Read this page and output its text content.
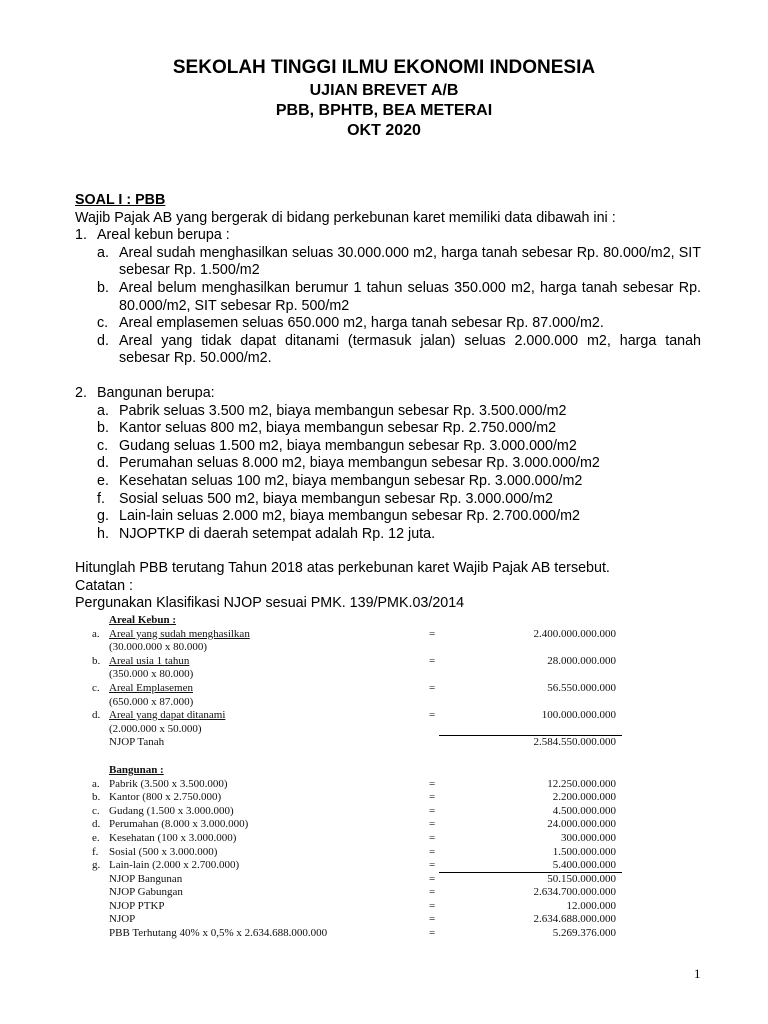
SEKOLAH TINGGI ILMU EKONOMI INDONESIA
UJIAN BREVET A/B
PBB, BPHTB, BEA METERAI
OKT 2020
SOAL I : PBB
Wajib Pajak AB yang bergerak di bidang perkebunan karet memiliki data dibawah ini :
1. Areal kebun berupa :
a. Areal sudah menghasilkan seluas 30.000.000 m2, harga tanah sebesar Rp. 80.000/m2, SIT sebesar Rp. 1.500/m2
b. Areal belum menghasilkan berumur 1 tahun seluas 350.000 m2, harga tanah sebesar Rp. 80.000/m2, SIT sebesar Rp. 500/m2
c. Areal emplasemen seluas 650.000 m2, harga tanah sebesar Rp. 87.000/m2.
d. Areal yang tidak dapat ditanami (termasuk jalan) seluas 2.000.000 m2, harga tanah sebesar Rp. 50.000/m2.
2. Bangunan berupa:
a. Pabrik seluas 3.500 m2, biaya membangun sebesar Rp. 3.500.000/m2
b. Kantor seluas 800 m2, biaya membangun sebesar Rp. 2.750.000/m2
c. Gudang seluas 1.500 m2, biaya membangun sebesar Rp. 3.000.000/m2
d. Perumahan seluas 8.000 m2, biaya membangun sebesar Rp. 3.000.000/m2
e. Kesehatan seluas 100 m2, biaya membangun sebesar Rp. 3.000.000/m2
f. Sosial seluas 500 m2, biaya membangun sebesar Rp. 3.000.000/m2
g. Lain-lain seluas 2.000 m2, biaya membangun sebesar Rp. 2.700.000/m2
h. NJOPTKP di daerah setempat adalah Rp. 12 juta.
Hitunglah PBB terutang Tahun 2018 atas perkebunan karet Wajib Pajak AB tersebut.
Catatan :
Pergunakan Klasifikasi NJOP sesuai PMK. 139/PMK.03/2014
Areal Kebun :
a. Areal yang sudah menghasilkan	=	2.400.000.000.000
(30.000.000 x 80.000)
b. Areal usia 1 tahun	=	28.000.000.000
(350.000 x 80.000)
c. Areal Emplasemen	=	56.550.000.000
(650.000 x 87.000)
d. Areal yang dapat ditanami	=	100.000.000.000
(2.000.000 x 50.000)
NJOP Tanah	2.584.550.000.000
Bangunan :
a. Pabrik (3.500 x 3.500.000)	=	12.250.000.000
b. Kantor (800 x 2.750.000)	=	2.200.000.000
c. Gudang (1.500 x 3.000.000)	=	4.500.000.000
d. Perumahan (8.000 x 3.000.000)	=	24.000.000.000
e. Kesehatan (100 x 3.000.000)	=	300.000.000
f. Sosial (500 x 3.000.000)	=	1.500.000.000
g. Lain-lain (2.000 x 2.700.000)	=	5.400.000.000
NJOP Bangunan	=	50.150.000.000
NJOP Gabungan	=	2.634.700.000.000
NJOP PTKP	=	12.000.000
NJOP	=	2.634.688.000.000
PBB Terhutang 40% x 0,5% x 2.634.688.000.000	=	5.269.376.000
1
